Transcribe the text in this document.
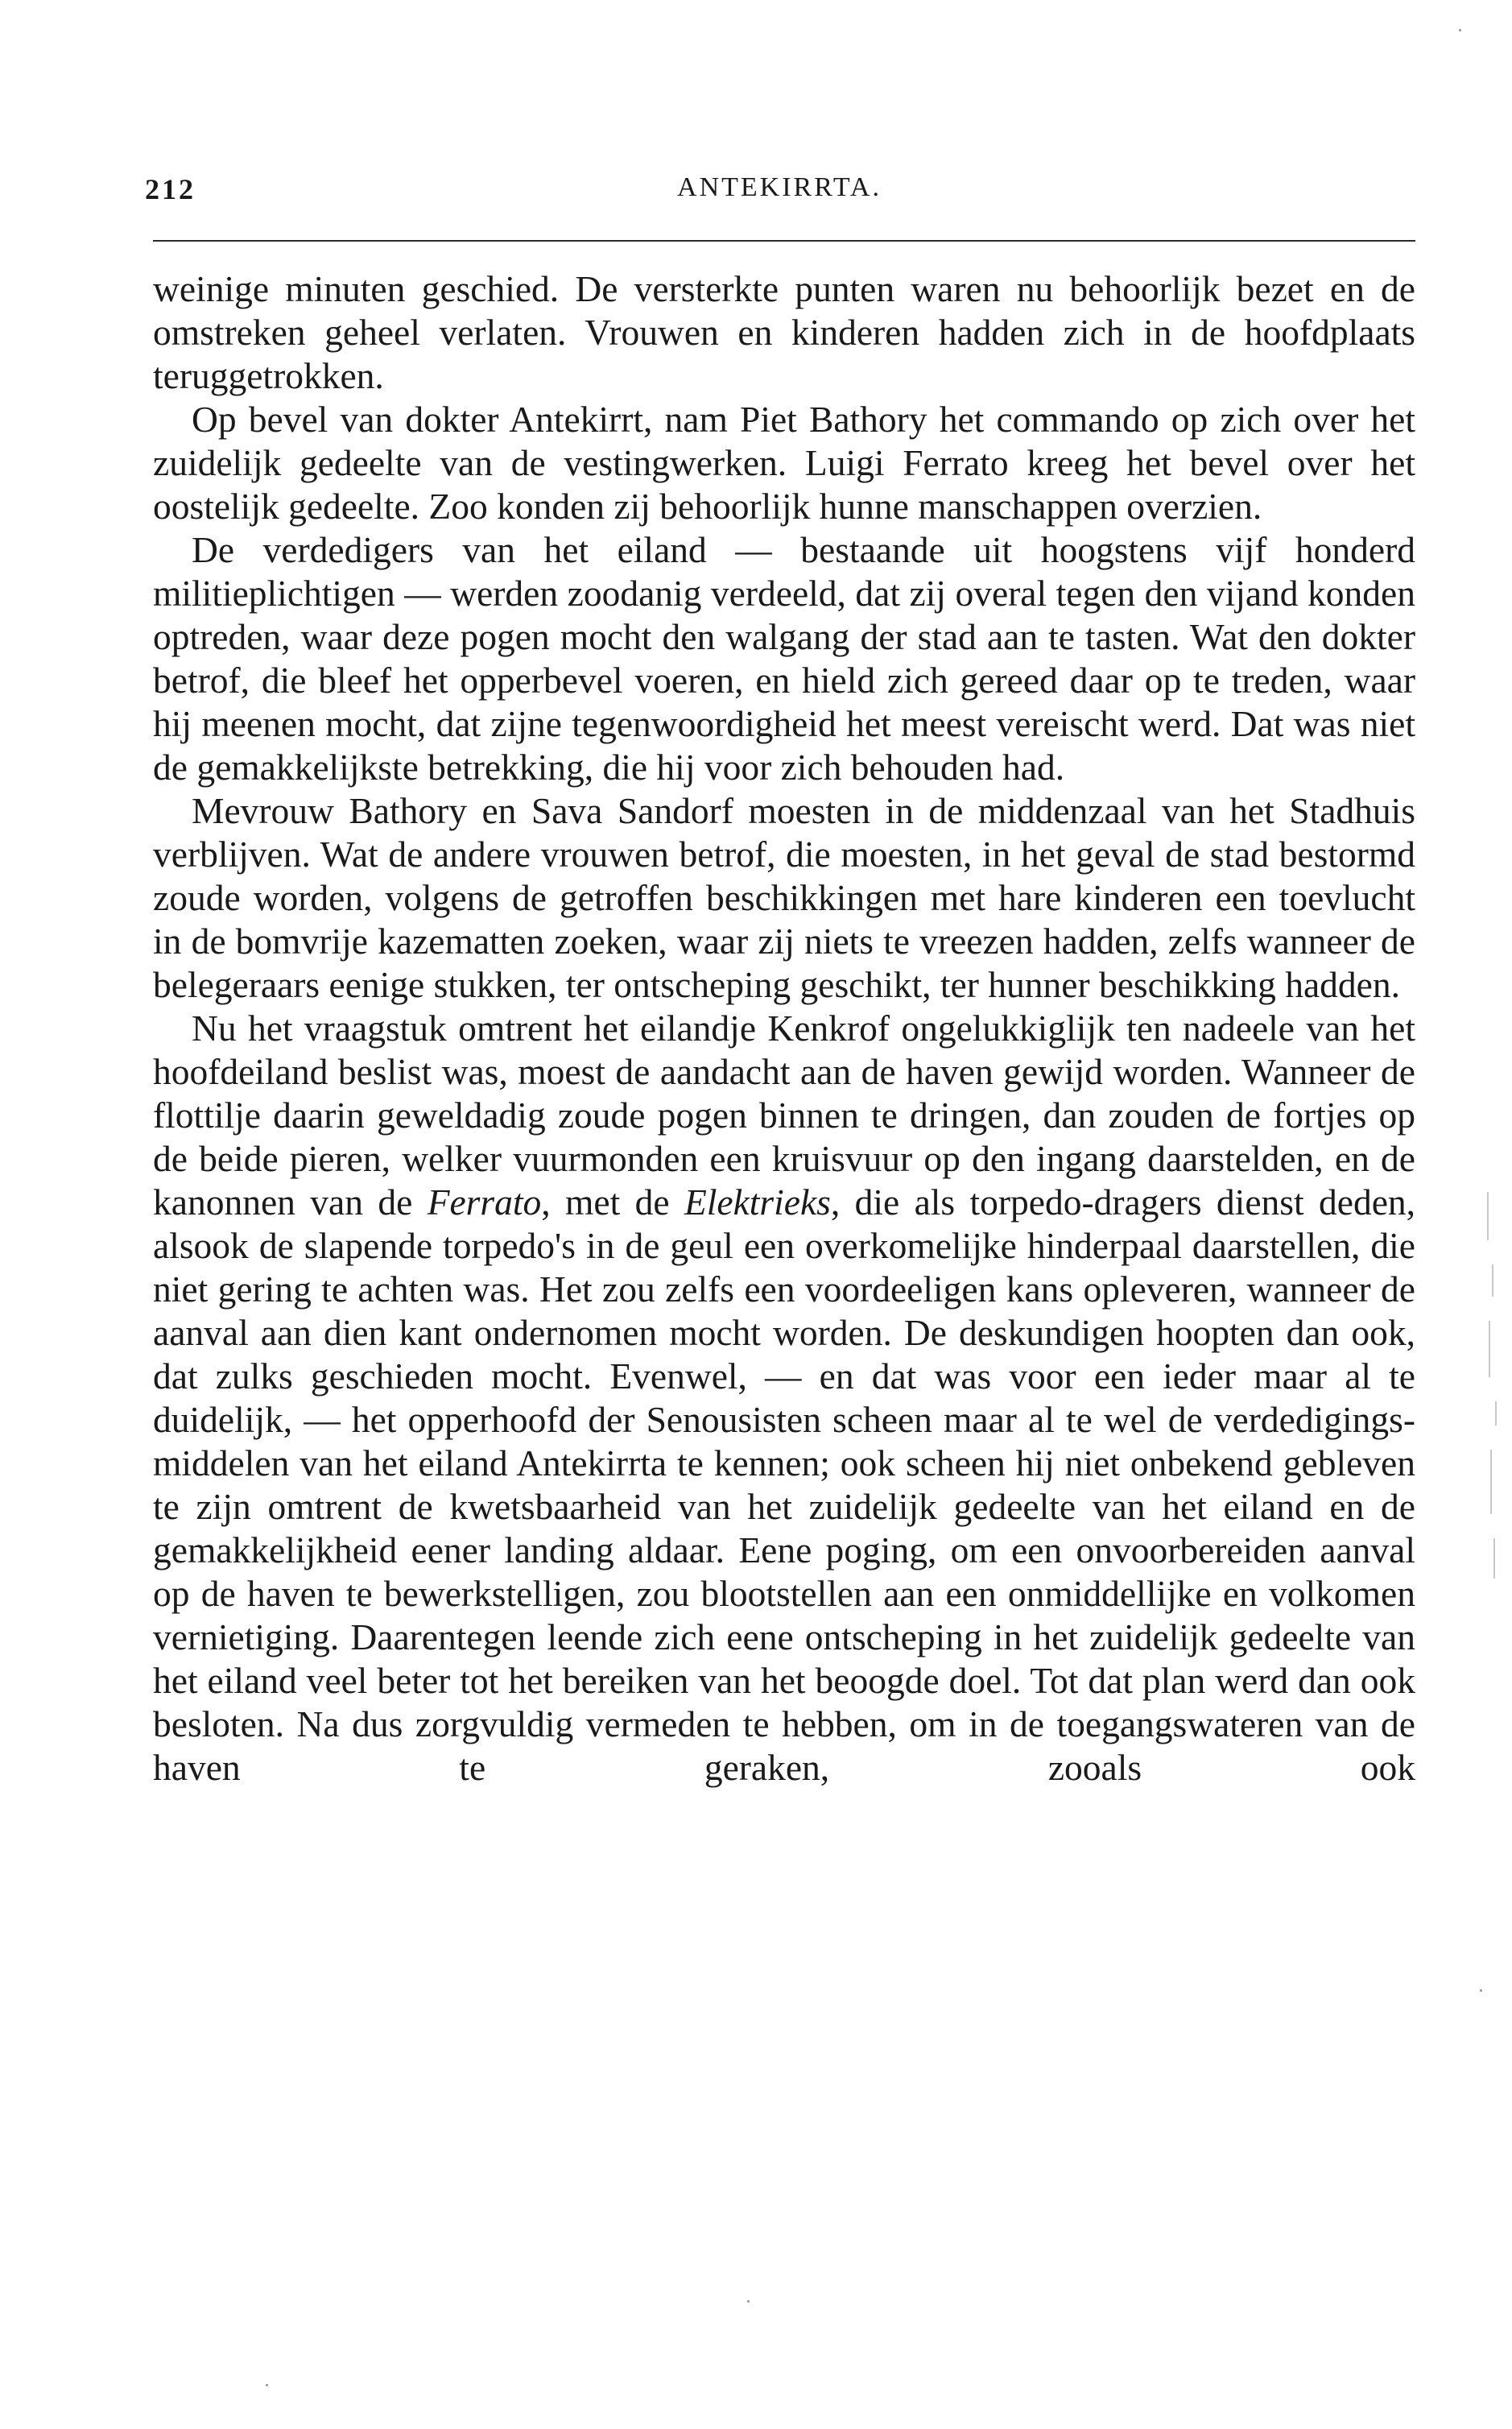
212	ANTEKIRRTA.

weinige minuten geschied. De versterkte punten waren nu behoorlijk bezet en de omstreken geheel verlaten. Vrouwen en kinderen hadden zich in de hoofdplaats teruggetrokken.

Op bevel van dokter Antekirrt, nam Piet Bathory het commando op zich over het zuidelijk gedeelte van de vestingwerken. Luigi Ferrato kreeg het bevel over het oostelijk gedeelte. Zoo konden zij behoorlijk hunne manschappen overzien.

De verdedigers van het eiland — bestaande uit hoogstens vijf honderd militieplichtigen — werden zoodanig verdeeld, dat zij overal tegen den vijand konden optreden, waar deze pogen mocht den walgang der stad aan te tasten. Wat den dokter betrof, die bleef het opperbevel voeren, en hield zich gereed daar op te treden, waar hij meenen mocht, dat zijne tegenwoordigheid het meest vereischt werd. Dat was niet de gemakkelijkste betrekking, die hij voor zich behouden had.

Mevrouw Bathory en Sava Sandorf moesten in de middenzaal van het Stadhuis verblijven. Wat de andere vrouwen betrof, die moesten, in het geval de stad bestormd zoude worden, volgens de getroffen beschikkingen met hare kinderen een toevlucht in de bomvrije kazematten zoeken, waar zij niets te vreezen hadden, zelfs wanneer de belegeraars eenige stukken, ter ontscheping geschikt, ter hunner beschikking hadden.

Nu het vraagstuk omtrent het eilandje Kenkrof ongelukkiglijk ten nadeele van het hoofdeiland beslist was, moest de aandacht aan de haven gewijd worden. Wanneer de flottilje daarin geweldadig zoude pogen binnen te dringen, dan zouden de fortjes op de beide pieren, welker vuurmonden een kruisvuur op den ingang daarstelden, en de kanonnen van de Ferrato, met de Elektrieks, die als torpedo-dragers dienst deden, alsook de slapende torpedo's in de geul een overkomelijke hinderpaal daarstellen, die niet gering te achten was. Het zou zelfs een voordeeligen kans opleveren, wanneer de aanval aan dien kant ondernomen mocht worden. De deskundigen hoopten dan ook, dat zulks geschieden mocht. Evenwel, — en dat was voor een ieder maar al te duidelijk, — het opperhoofd der Senousisten scheen maar al te wel de verdedigings-middelen van het eiland Antekirrta te kennen; ook scheen hij niet onbekend gebleven te zijn omtrent de kwetsbaarheid van het zuidelijk gedeelte van het eiland en de gemakkelijkheid eener landing aldaar. Eene poging, om een onvoorbereiden aanval op de haven te bewerkstelligen, zou blootstellen aan een onmiddellijke en volkomen vernietiging. Daarentegen leende zich eene ontscheping in het zuidelijk gedeelte van het eiland veel beter tot het bereiken van het beoogde doel. Tot dat plan werd dan ook besloten. Na dus zorgvuldig vermeden te hebben, om in de toegangswateren van de haven te geraken, zooals ook
